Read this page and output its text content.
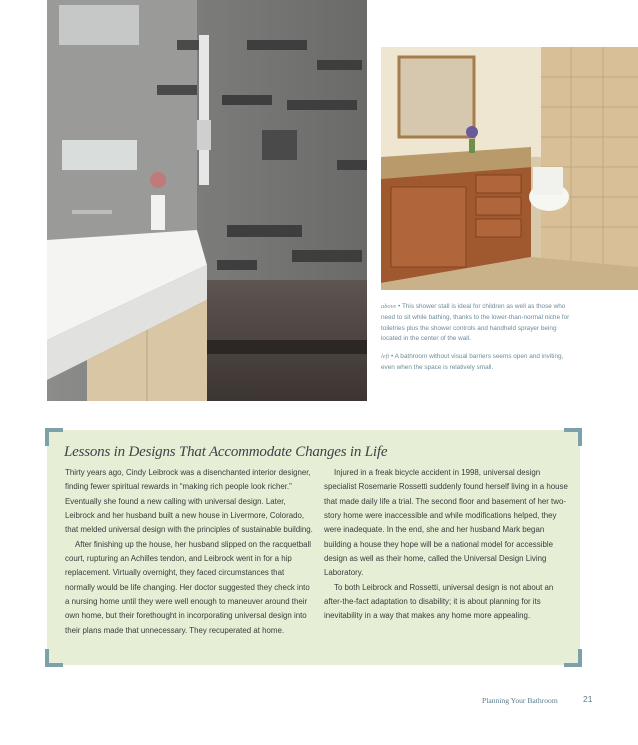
above • This shower stall is ideal for children as well as those who need to sit while bathing, thanks to the lower-than-normal niche for toiletries plus the shower controls and handheld sprayer being located in the center of the wall.

left • A bathroom without visual barriers seems open and inviting, even when the space is relatively small.

Lessons in Designs That Accommodate Changes in Life

Thirty years ago, Cindy Leibrock was a disenchanted interior designer, finding fewer spiritual rewards in “making rich people look richer.” Eventually she found a new calling with universal design. Later, Leibrock and her husband built a new house in Livermore, Colorado, that melded universal design with the principles of sustainable building.

After finishing up the house, her husband slipped on the racquetball court, rupturing an Achilles tendon, and Leibrock went in for a hip replacement. Virtually overnight, they faced circumstances that normally would be life changing. Her doctor suggested they check into a nursing home until they were well enough to maneuver around their own home, but their forethought in incorporating universal design into their plans made that unnecessary. They recuperated at home.

Injured in a freak bicycle accident in 1998, universal design specialist Rosemarie Rossetti suddenly found herself living in a house that made daily life a trial. The second floor and basement of her two-story home were inaccessible and while modifications helped, they were inadequate. In the end, she and her husband Mark began building a house they hope will be a national model for accessible design as well as their home, called the Universal Design Living Laboratory.

To both Leibrock and Rossetti, universal design is not about an after-the-fact adaptation to disability; it is about planning for its inevitability in a way that makes any home more appealing.

Planning Your Bathroom	21
